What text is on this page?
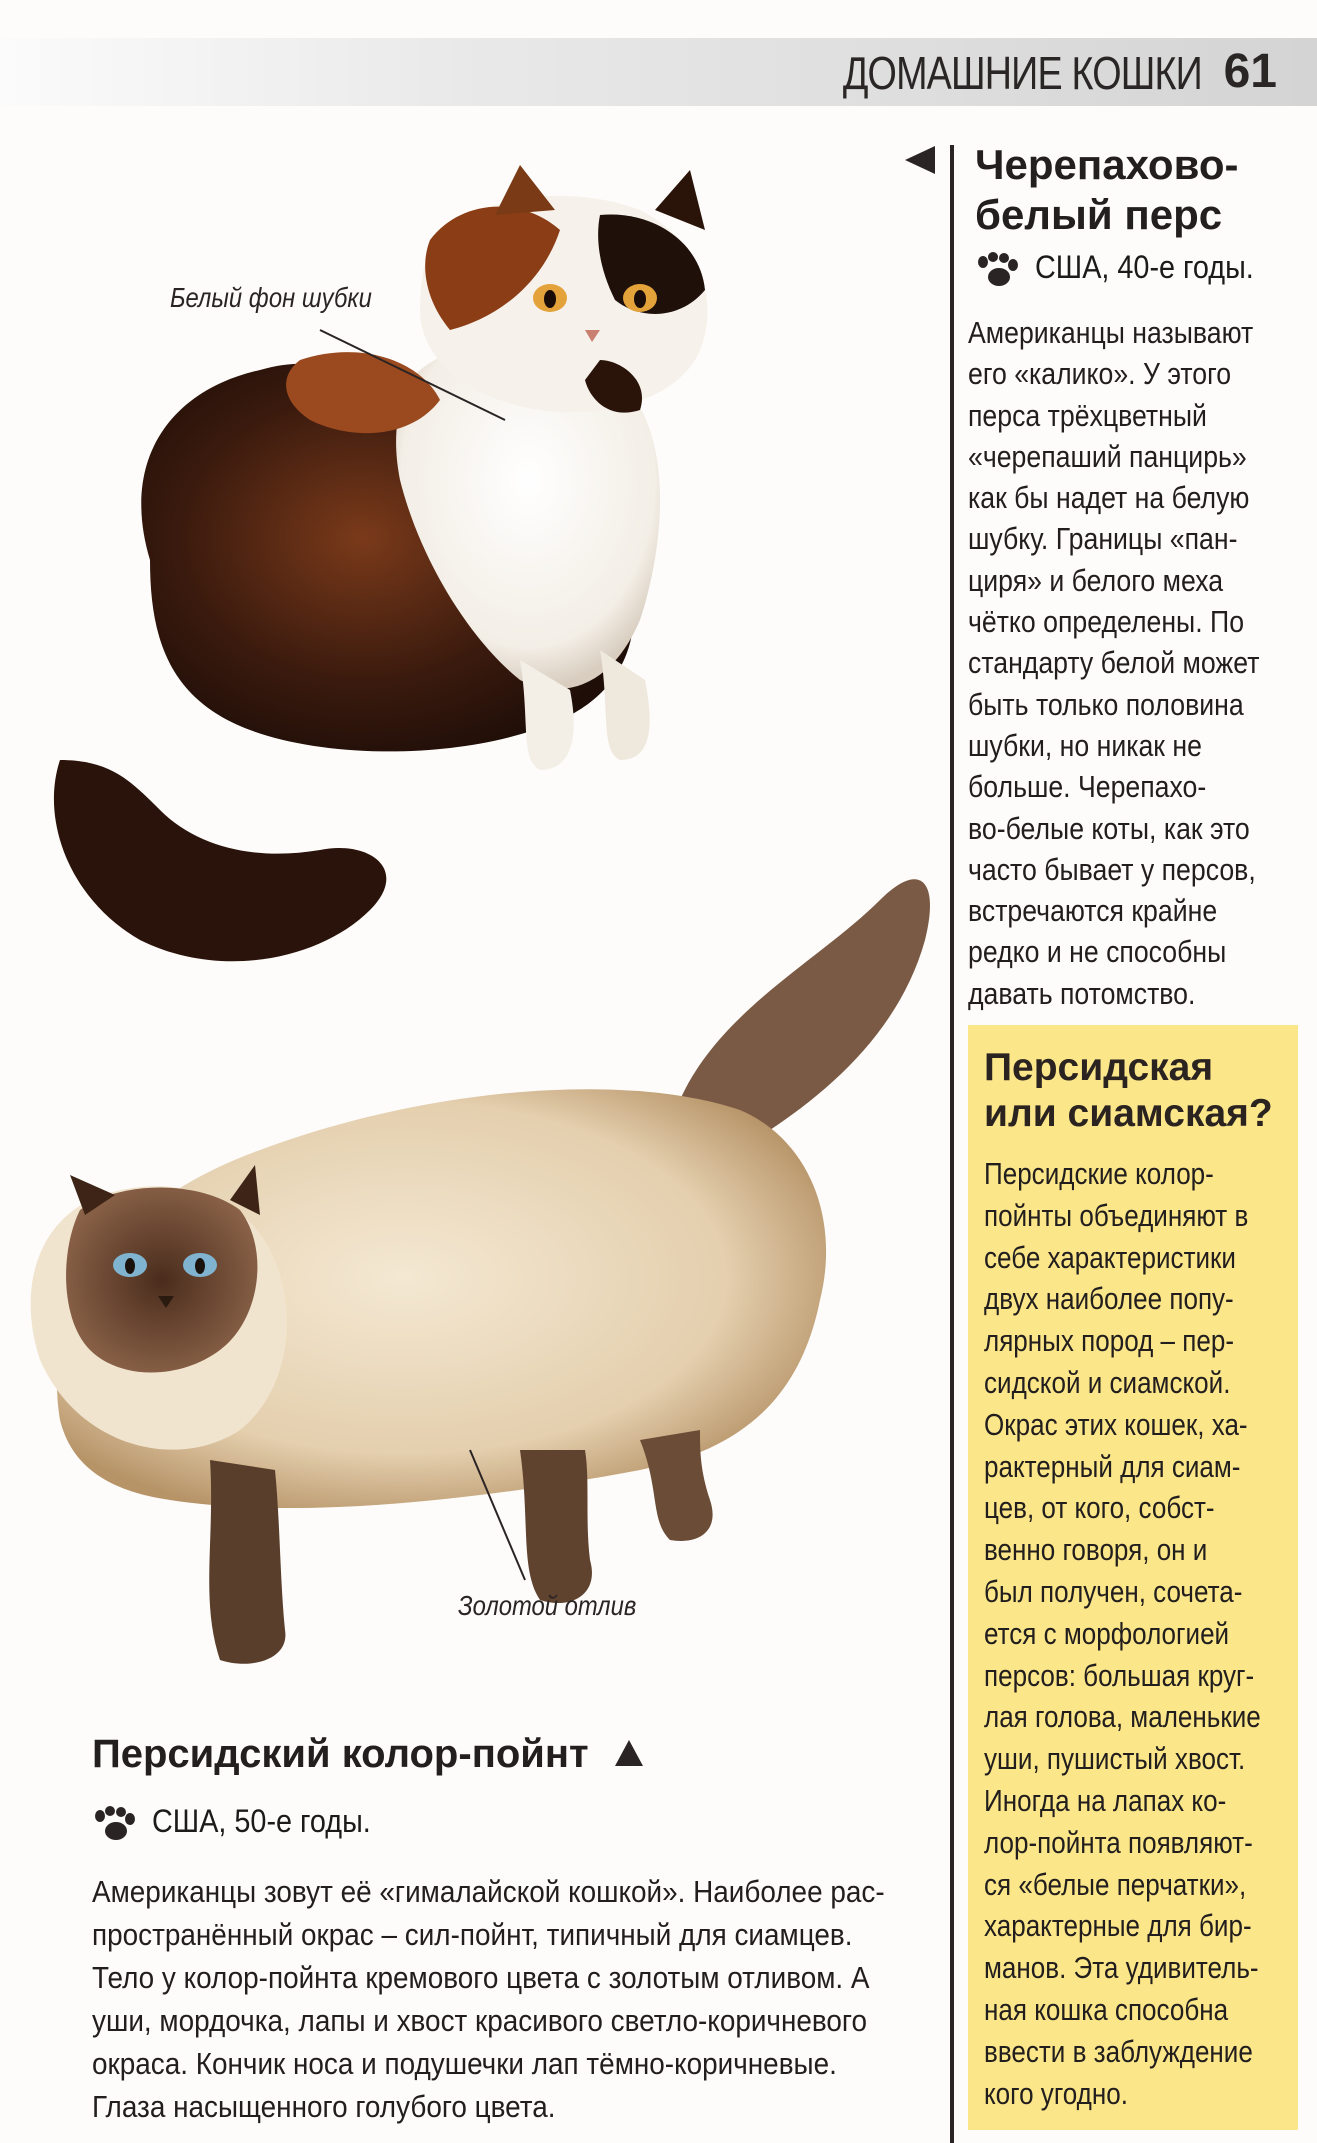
ДОМАШНИЕ КОШКИ 61
Белый фон шубки
Золотой отлив
Черепахово-
белый перс
США, 40-е годы.
Американцы называют
его «калико». У этого
перса трёхцветный
«черепаший панцирь»
как бы надет на белую
шубку. Границы «пан-
циря» и белого меха
чётко определены. По
стандарту белой может
быть только половина
шубки, но никак не
больше. Черепахо-
во-белые коты, как это
часто бывает у персов,
встречаются крайне
редко и не способны
давать потомство.
Персидская
или сиамская?
Персидские колор-
пойнты объединяют в
себе характеристики
двух наиболее попу-
лярных пород – пер-
сидской и сиамской.
Окрас этих кошек, ха-
рактерный для сиам-
цев, от кого, собст-
венно говоря, он и
был получен, сочета-
ется с морфологией
персов: большая круг-
лая голова, маленькие
уши, пушистый хвост.
Иногда на лапах ко-
лор-пойнта появляют-
ся «белые перчатки»,
характерные для бир-
манов. Эта удивитель-
ная кошка способна
ввести в заблуждение
кого угодно.
Персидский колор-пойнт
США, 50-е годы.
Американцы зовут её «гималайской кошкой». Наиболее рас-
пространённый окрас – сил-пойнт, типичный для сиамцев.
Тело у колор-пойнта кремового цвета с золотым отливом. А
уши, мордочка, лапы и хвост красивого светло-коричневого
окраса. Кончик носа и подушечки лап тёмно-коричневые.
Глаза насыщенного голубого цвета.
